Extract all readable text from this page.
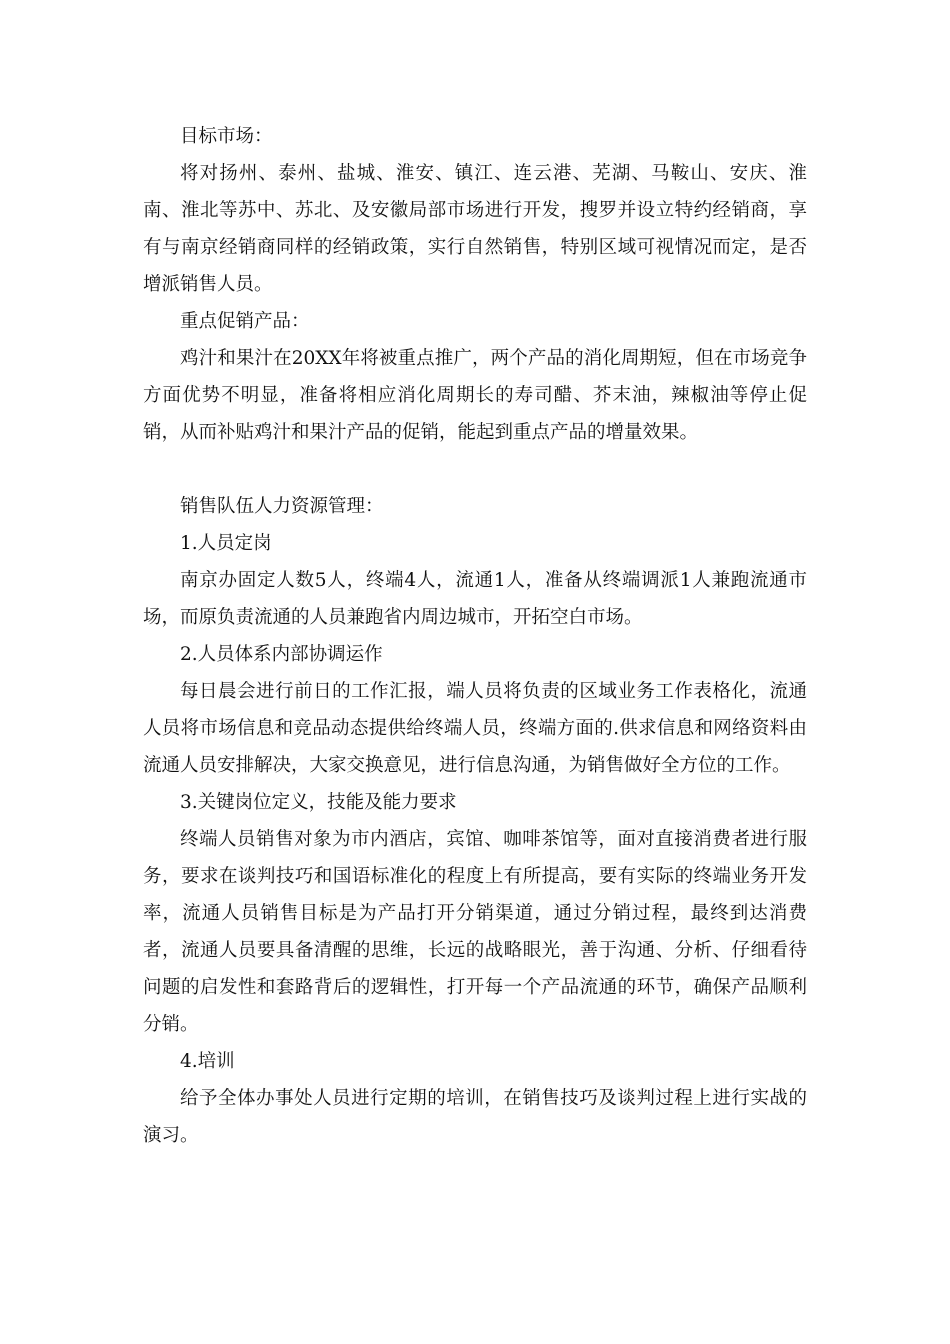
目标市场：

将对扬州、泰州、盐城、淮安、镇江、连云港、芜湖、马鞍山、安庆、淮南、淮北等苏中、苏北、及安徽局部市场进行开发，搜罗并设立特约经销商，享有与南京经销商同样的经销政策，实行自然销售，特别区域可视情况而定，是否增派销售人员。

重点促销产品：

鸡汁和果汁在20XX年将被重点推广，两个产品的消化周期短，但在市场竞争方面优势不明显，准备将相应消化周期长的寿司醋、芥末油，辣椒油等停止促销，从而补贴鸡汁和果汁产品的促销，能起到重点产品的增量效果。

销售队伍人力资源管理：

1.人员定岗

南京办固定人数5人，终端4人，流通1人，准备从终端调派1人兼跑流通市场，而原负责流通的人员兼跑省内周边城市，开拓空白市场。

2.人员体系内部协调运作

每日晨会进行前日的工作汇报，端人员将负责的区域业务工作表格化，流通人员将市场信息和竞品动态提供给终端人员，终端方面的.供求信息和网络资料由流通人员安排解决，大家交换意见，进行信息沟通，为销售做好全方位的工作。

3.关键岗位定义，技能及能力要求

终端人员销售对象为市内酒店，宾馆、咖啡茶馆等，面对直接消费者进行服务，要求在谈判技巧和国语标准化的程度上有所提高，要有实际的终端业务开发率，流通人员销售目标是为产品打开分销渠道，通过分销过程，最终到达消费者，流通人员要具备清醒的思维，长远的战略眼光，善于沟通、分析、仔细看待问题的启发性和套路背后的逻辑性，打开每一个产品流通的环节，确保产品顺利分销。

4.培训

给予全体办事处人员进行定期的培训，在销售技巧及谈判过程上进行实战的演习。
